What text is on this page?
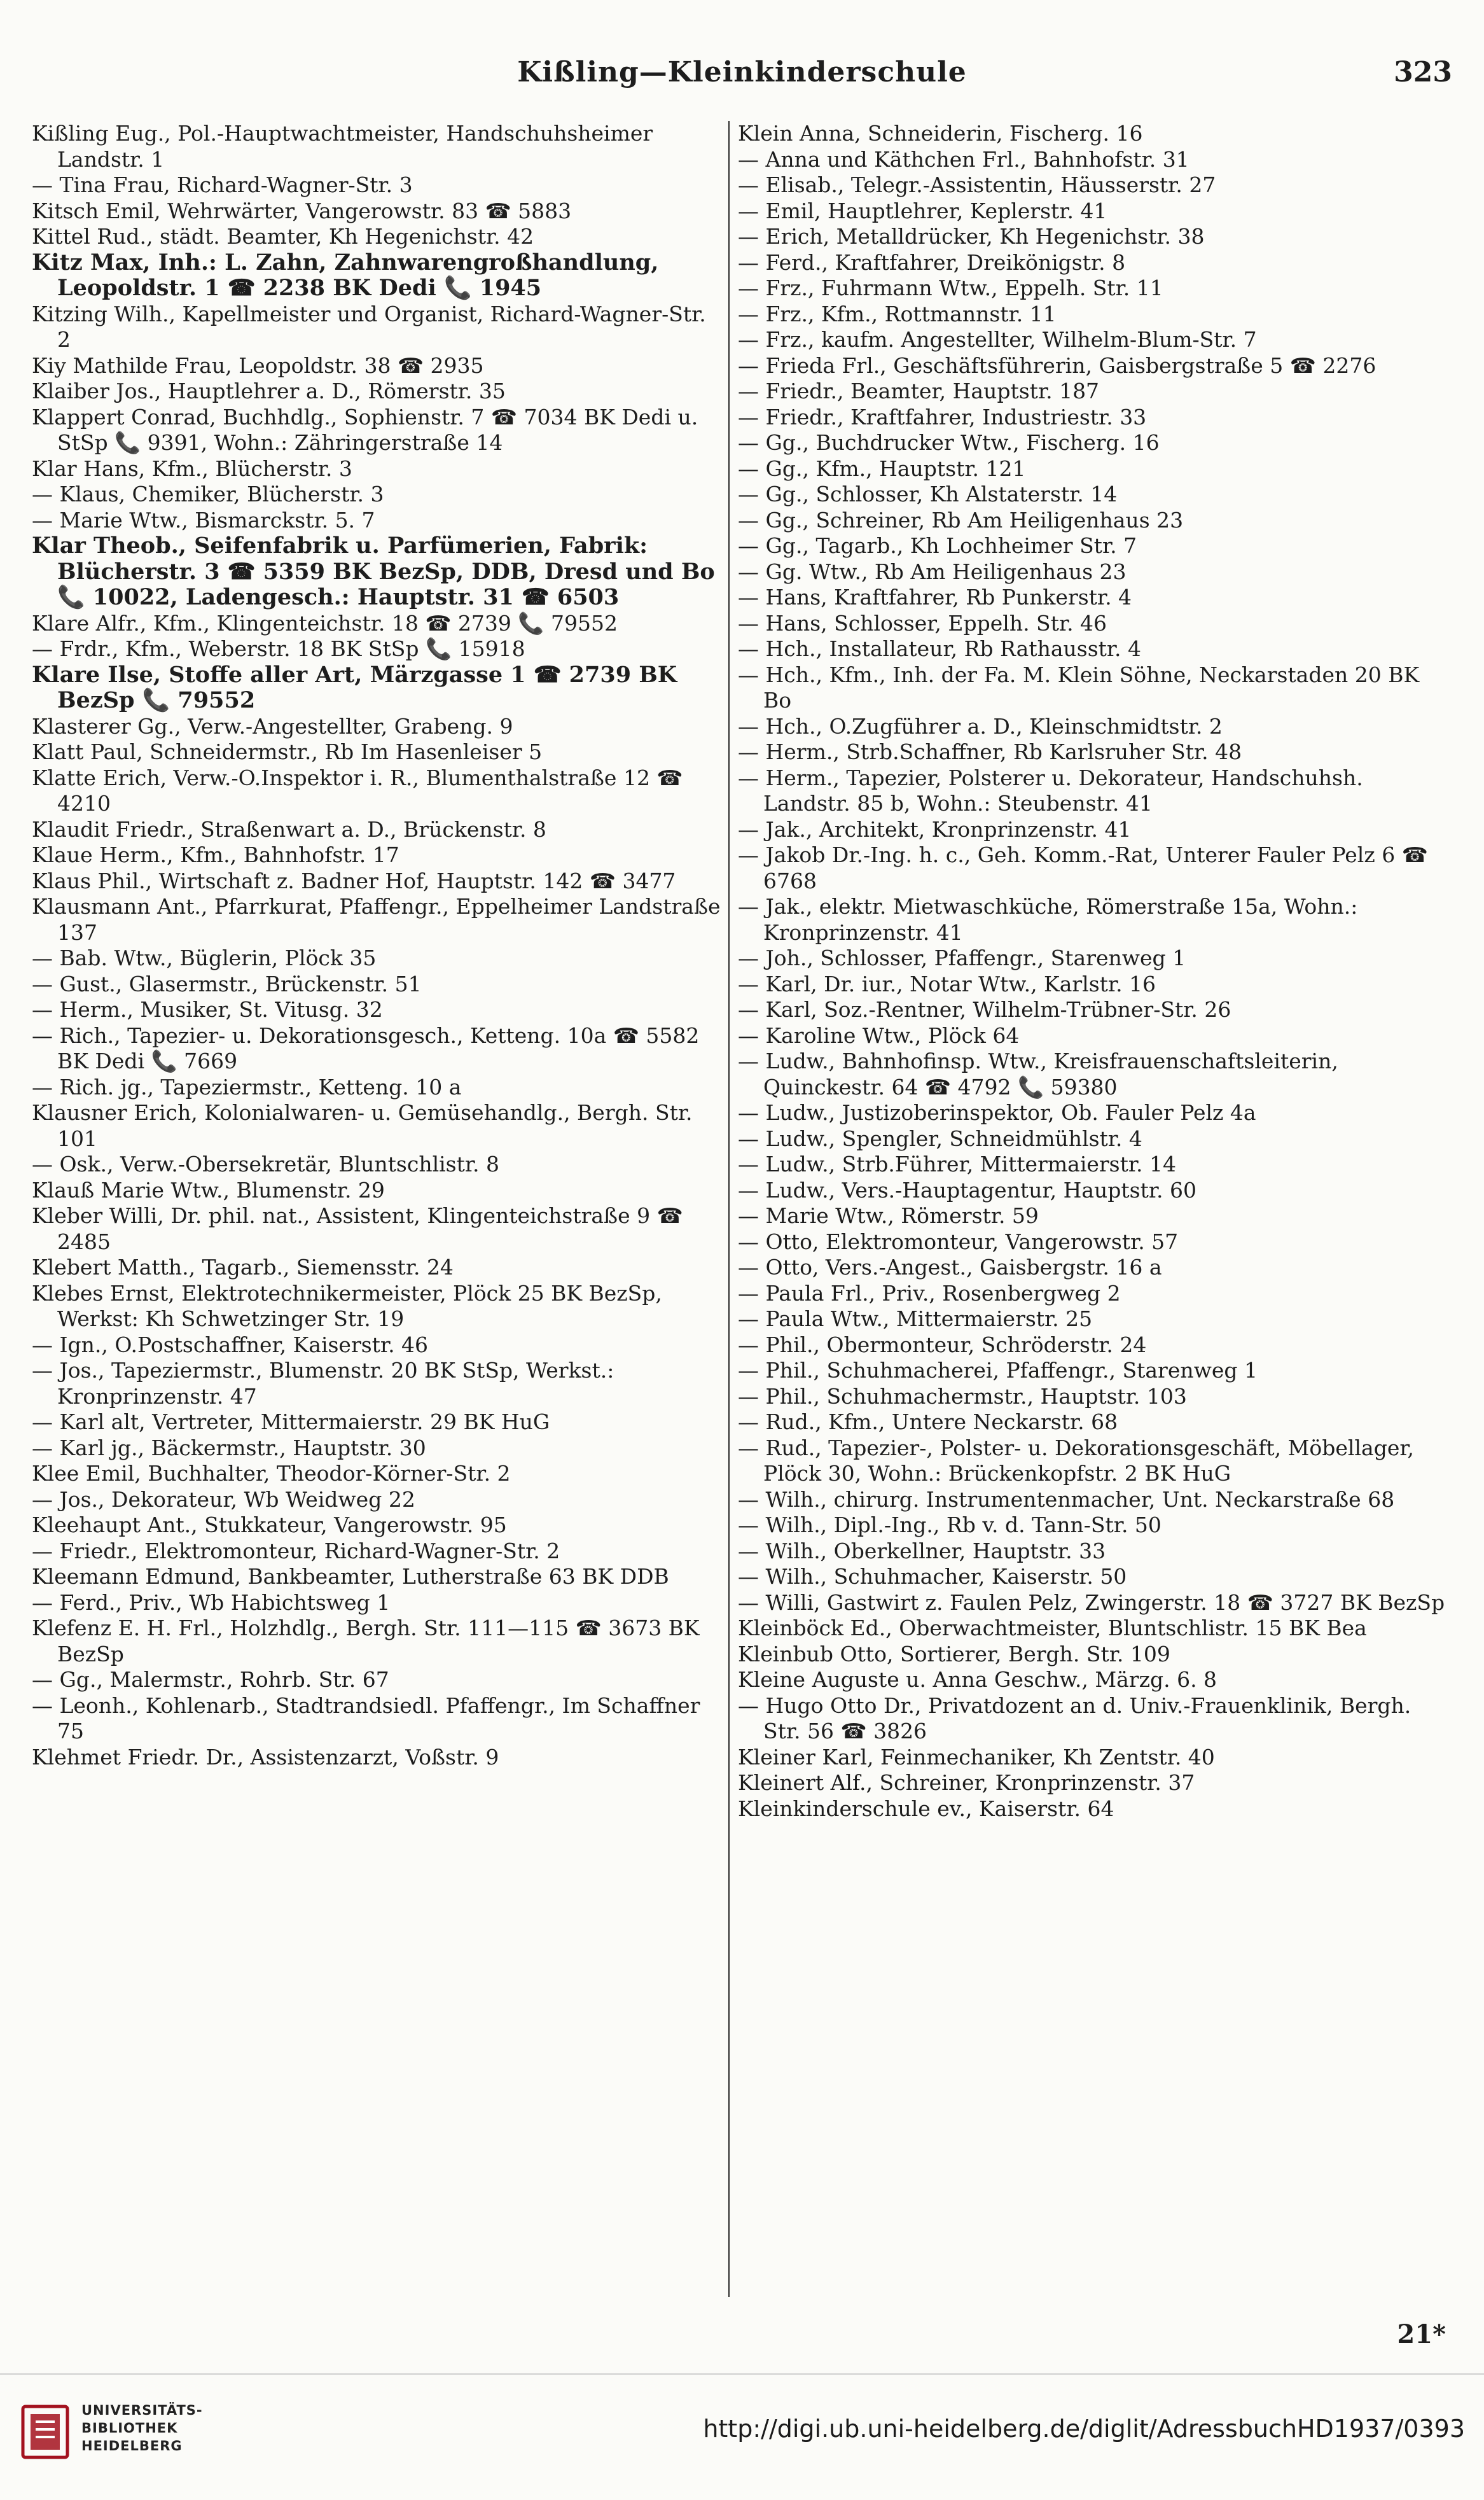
Kißling—Kleinkinderschule	323
Kißling Eug., Pol.-Hauptwachtmeister, Handschuhsheimer Landstr. 1
— Tina Frau, Richard-Wagner-Str. 3
Kitsch Emil, Wehrwärter, Vangerowstr. 83 ☎ 5883
Kittel Rud., städt. Beamter, Kh Hegenichstr. 42
Kitz Max, Inh.: L. Zahn, Zahnwarengroßhandlung, Leopoldstr. 1 ☎ 2238 BK Dedi 📞 1945
Kitzing Wilh., Kapellmeister und Organist, Richard-Wagner-Str. 2
Kiy Mathilde Frau, Leopoldstr. 38 ☎ 2935
Klaiber Jos., Hauptlehrer a. D., Römerstr. 35
Klappert Conrad, Buchhdlg., Sophienstr. 7 ☎ 7034 BK Dedi u. StSp 📞 9391, Wohn.: Zähringerstraße 14
Klar Hans, Kfm., Blücherstr. 3
— Klaus, Chemiker, Blücherstr. 3
— Marie Wtw., Bismarckstr. 5. 7
Klar Theob., Seifenfabrik u. Parfümerien, Fabrik: Blücherstr. 3 ☎ 5359 BK BezSp, DDB, Dresd und Bo 📞 10022, Ladengesch.: Hauptstr. 31 ☎ 6503
Klare Alfr., Kfm., Klingenteichstr. 18 ☎ 2739 📞 79552
— Frdr., Kfm., Weberstr. 18 BK StSp 📞 15918
Klare Ilse, Stoffe aller Art, Märzgasse 1 ☎ 2739 BK BezSp 📞 79552
Klasterer Gg., Verw.-Angestellter, Grabeng. 9
Klatt Paul, Schneidermstr., Rb Im Hasenleiser 5
Klatte Erich, Verw.-O.Inspektor i. R., Blumenthalstraße 12 ☎ 4210
Klaudit Friedr., Straßenwart a. D., Brückenstr. 8
Klaue Herm., Kfm., Bahnhofstr. 17
Klaus Phil., Wirtschaft z. Badner Hof, Hauptstr. 142 ☎ 3477
Klausmann Ant., Pfarrkurat, Pfaffengr., Eppelheimer Landstraße 137
— Bab. Wtw., Büglerin, Plöck 35
— Gust., Glasermstr., Brückenstr. 51
— Herm., Musiker, St. Vitusg. 32
— Rich., Tapezier- u. Dekorationsgesch., Ketteng. 10a ☎ 5582 BK Dedi 📞 7669
— Rich. jg., Tapeziermstr., Ketteng. 10 a
Klausner Erich, Kolonialwaren- u. Gemüsehandlg., Bergh. Str. 101
— Osk., Verw.-Obersekretär, Bluntschlistr. 8
Klauß Marie Wtw., Blumenstr. 29
Kleber Willi, Dr. phil. nat., Assistent, Klingenteichstraße 9 ☎ 2485
Klebert Matth., Tagarb., Siemensstr. 24
Klebes Ernst, Elektrotechnikermeister, Plöck 25 BK BezSp, Werkst: Kh Schwetzinger Str. 19
— Ign., O.Postschaffner, Kaiserstr. 46
— Jos., Tapeziermstr., Blumenstr. 20 BK StSp, Werkst.: Kronprinzenstr. 47
— Karl alt, Vertreter, Mittermaierstr. 29 BK HuG
— Karl jg., Bäckermstr., Hauptstr. 30
Klee Emil, Buchhalter, Theodor-Körner-Str. 2
— Jos., Dekorateur, Wb Weidweg 22
Kleehaupt Ant., Stukkateur, Vangerowstr. 95
— Friedr., Elektromonteur, Richard-Wagner-Str. 2
Kleemann Edmund, Bankbeamter, Lutherstraße 63 BK DDB
— Ferd., Priv., Wb Habichtsweg 1
Klefenz E. H. Frl., Holzhdlg., Bergh. Str. 111—115 ☎ 3673 BK BezSp
— Gg., Malermstr., Rohrb. Str. 67
— Leonh., Kohlenarb., Stadtrandsiedl. Pfaffengr., Im Schaffner 75
Klehmet Friedr. Dr., Assistenzarzt, Voßstr. 9
Klein Anna, Schneiderin, Fischerg. 16
— Anna und Käthchen Frl., Bahnhofstr. 31
— Elisab., Telegr.-Assistentin, Häusserstr. 27
— Emil, Hauptlehrer, Keplerstr. 41
— Erich, Metalldrücker, Kh Hegenichstr. 38
— Ferd., Kraftfahrer, Dreikönigstr. 8
— Frz., Fuhrmann Wtw., Eppelh. Str. 11
— Frz., Kfm., Rottmannstr. 11
— Frz., kaufm. Angestellter, Wilhelm-Blum-Str. 7
— Frieda Frl., Geschäftsführerin, Gaisbergstraße 5 ☎ 2276
— Friedr., Beamter, Hauptstr. 187
— Friedr., Kraftfahrer, Industriestr. 33
— Gg., Buchdrucker Wtw., Fischerg. 16
— Gg., Kfm., Hauptstr. 121
— Gg., Schlosser, Kh Alstaterstr. 14
— Gg., Schreiner, Rb Am Heiligenhaus 23
— Gg., Tagarb., Kh Lochheimer Str. 7
— Gg. Wtw., Rb Am Heiligenhaus 23
— Hans, Kraftfahrer, Rb Punkerstr. 4
— Hans, Schlosser, Eppelh. Str. 46
— Hch., Installateur, Rb Rathausstr. 4
— Hch., Kfm., Inh. der Fa. M. Klein Söhne, Neckarstaden 20 BK Bo
— Hch., O.Zugführer a. D., Kleinschmidtstr. 2
— Herm., Strb.Schaffner, Rb Karlsruher Str. 48
— Herm., Tapezier, Polsterer u. Dekorateur, Handschuhsh. Landstr. 85 b, Wohn.: Steubenstr. 41
— Jak., Architekt, Kronprinzenstr. 41
— Jakob Dr.-Ing. h. c., Geh. Komm.-Rat, Unterer Fauler Pelz 6 ☎ 6768
— Jak., elektr. Mietwaschküche, Römerstraße 15a, Wohn.: Kronprinzenstr. 41
— Joh., Schlosser, Pfaffengr., Starenweg 1
— Karl, Dr. iur., Notar Wtw., Karlstr. 16
— Karl, Soz.-Rentner, Wilhelm-Trübner-Str. 26
— Karoline Wtw., Plöck 64
— Ludw., Bahnhofinsp. Wtw., Kreisfrauenschaftsleiterin, Quinckestr. 64 ☎ 4792 📞 59380
— Ludw., Justizoberinspektor, Ob. Fauler Pelz 4a
— Ludw., Spengler, Schneidmühlstr. 4
— Ludw., Strb.Führer, Mittermaierstr. 14
— Ludw., Vers.-Hauptagentur, Hauptstr. 60
— Marie Wtw., Römerstr. 59
— Otto, Elektromonteur, Vangerowstr. 57
— Otto, Vers.-Angest., Gaisbergstr. 16 a
— Paula Frl., Priv., Rosenbergweg 2
— Paula Wtw., Mittermaierstr. 25
— Phil., Obermonteur, Schröderstr. 24
— Phil., Schuhmacherei, Pfaffengr., Starenweg 1
— Phil., Schuhmachermstr., Hauptstr. 103
— Rud., Kfm., Untere Neckarstr. 68
— Rud., Tapezier-, Polster- u. Dekorationsgeschäft, Möbellager, Plöck 30, Wohn.: Brückenkopfstr. 2 BK HuG
— Wilh., chirurg. Instrumentenmacher, Unt. Neckarstraße 68
— Wilh., Dipl.-Ing., Rb v. d. Tann-Str. 50
— Wilh., Oberkellner, Hauptstr. 33
— Wilh., Schuhmacher, Kaiserstr. 50
— Willi, Gastwirt z. Faulen Pelz, Zwingerstr. 18 ☎ 3727 BK BezSp
Kleinböck Ed., Oberwachtmeister, Bluntschlistr. 15 BK Bea
Kleinbub Otto, Sortierer, Bergh. Str. 109
Kleine Auguste u. Anna Geschw., Märzg. 6. 8
— Hugo Otto Dr., Privatdozent an d. Univ.-Frauenklinik, Bergh. Str. 56 ☎ 3826
Kleiner Karl, Feinmechaniker, Kh Zentstr. 40
Kleinert Alf., Schreiner, Kronprinzenstr. 37
Kleinkinderschule ev., Kaiserstr. 64
21*
UNIVERSITÄTS-
BIBLIOTHEK
HEIDELBERG
http://digi.ub.uni-heidelberg.de/diglit/AdressbuchHD1937/0393
